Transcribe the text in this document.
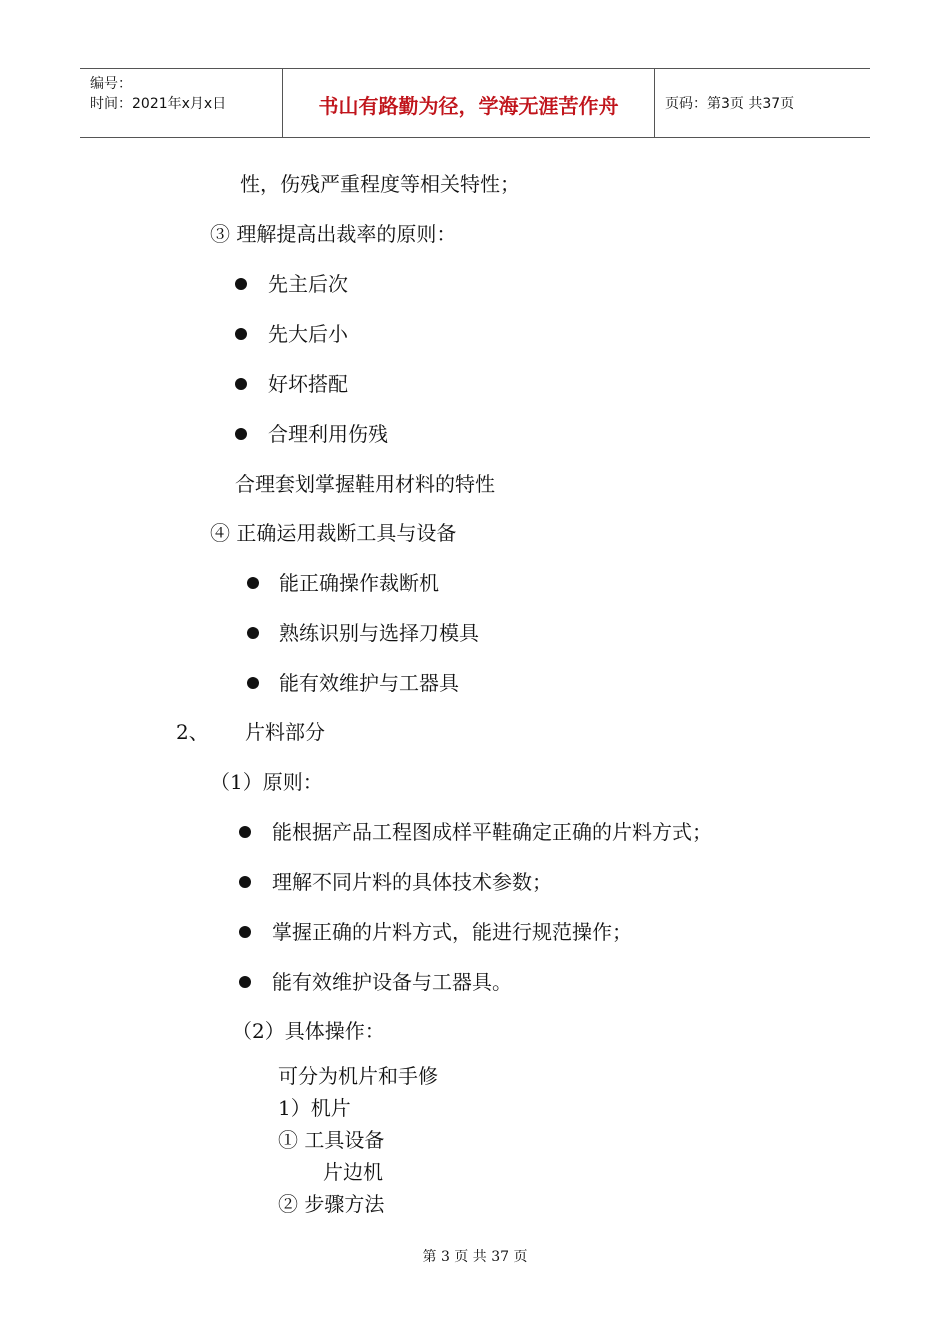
编号：
时间：2021年x月x日	书山有路勤为径，学海无涯苦作舟	页码：第3页 共37页
性，伤残严重程度等相关特性；
③ 理解提高出裁率的原则：
先主后次
先大后小
好坏搭配
合理利用伤残
合理套划掌握鞋用材料的特性
④ 正确运用裁断工具与设备
能正确操作裁断机
熟练识别与选择刀模具
能有效维护与工器具
2、 片料部分
（1）原则：
能根据产品工程图成样平鞋确定正确的片料方式；
理解不同片料的具体技术参数；
掌握正确的片料方式，能进行规范操作；
能有效维护设备与工器具。
（2）具体操作：
可分为机片和手修
1）机片
① 工具设备
片边机
② 步骤方法
第 3 页 共 37 页
